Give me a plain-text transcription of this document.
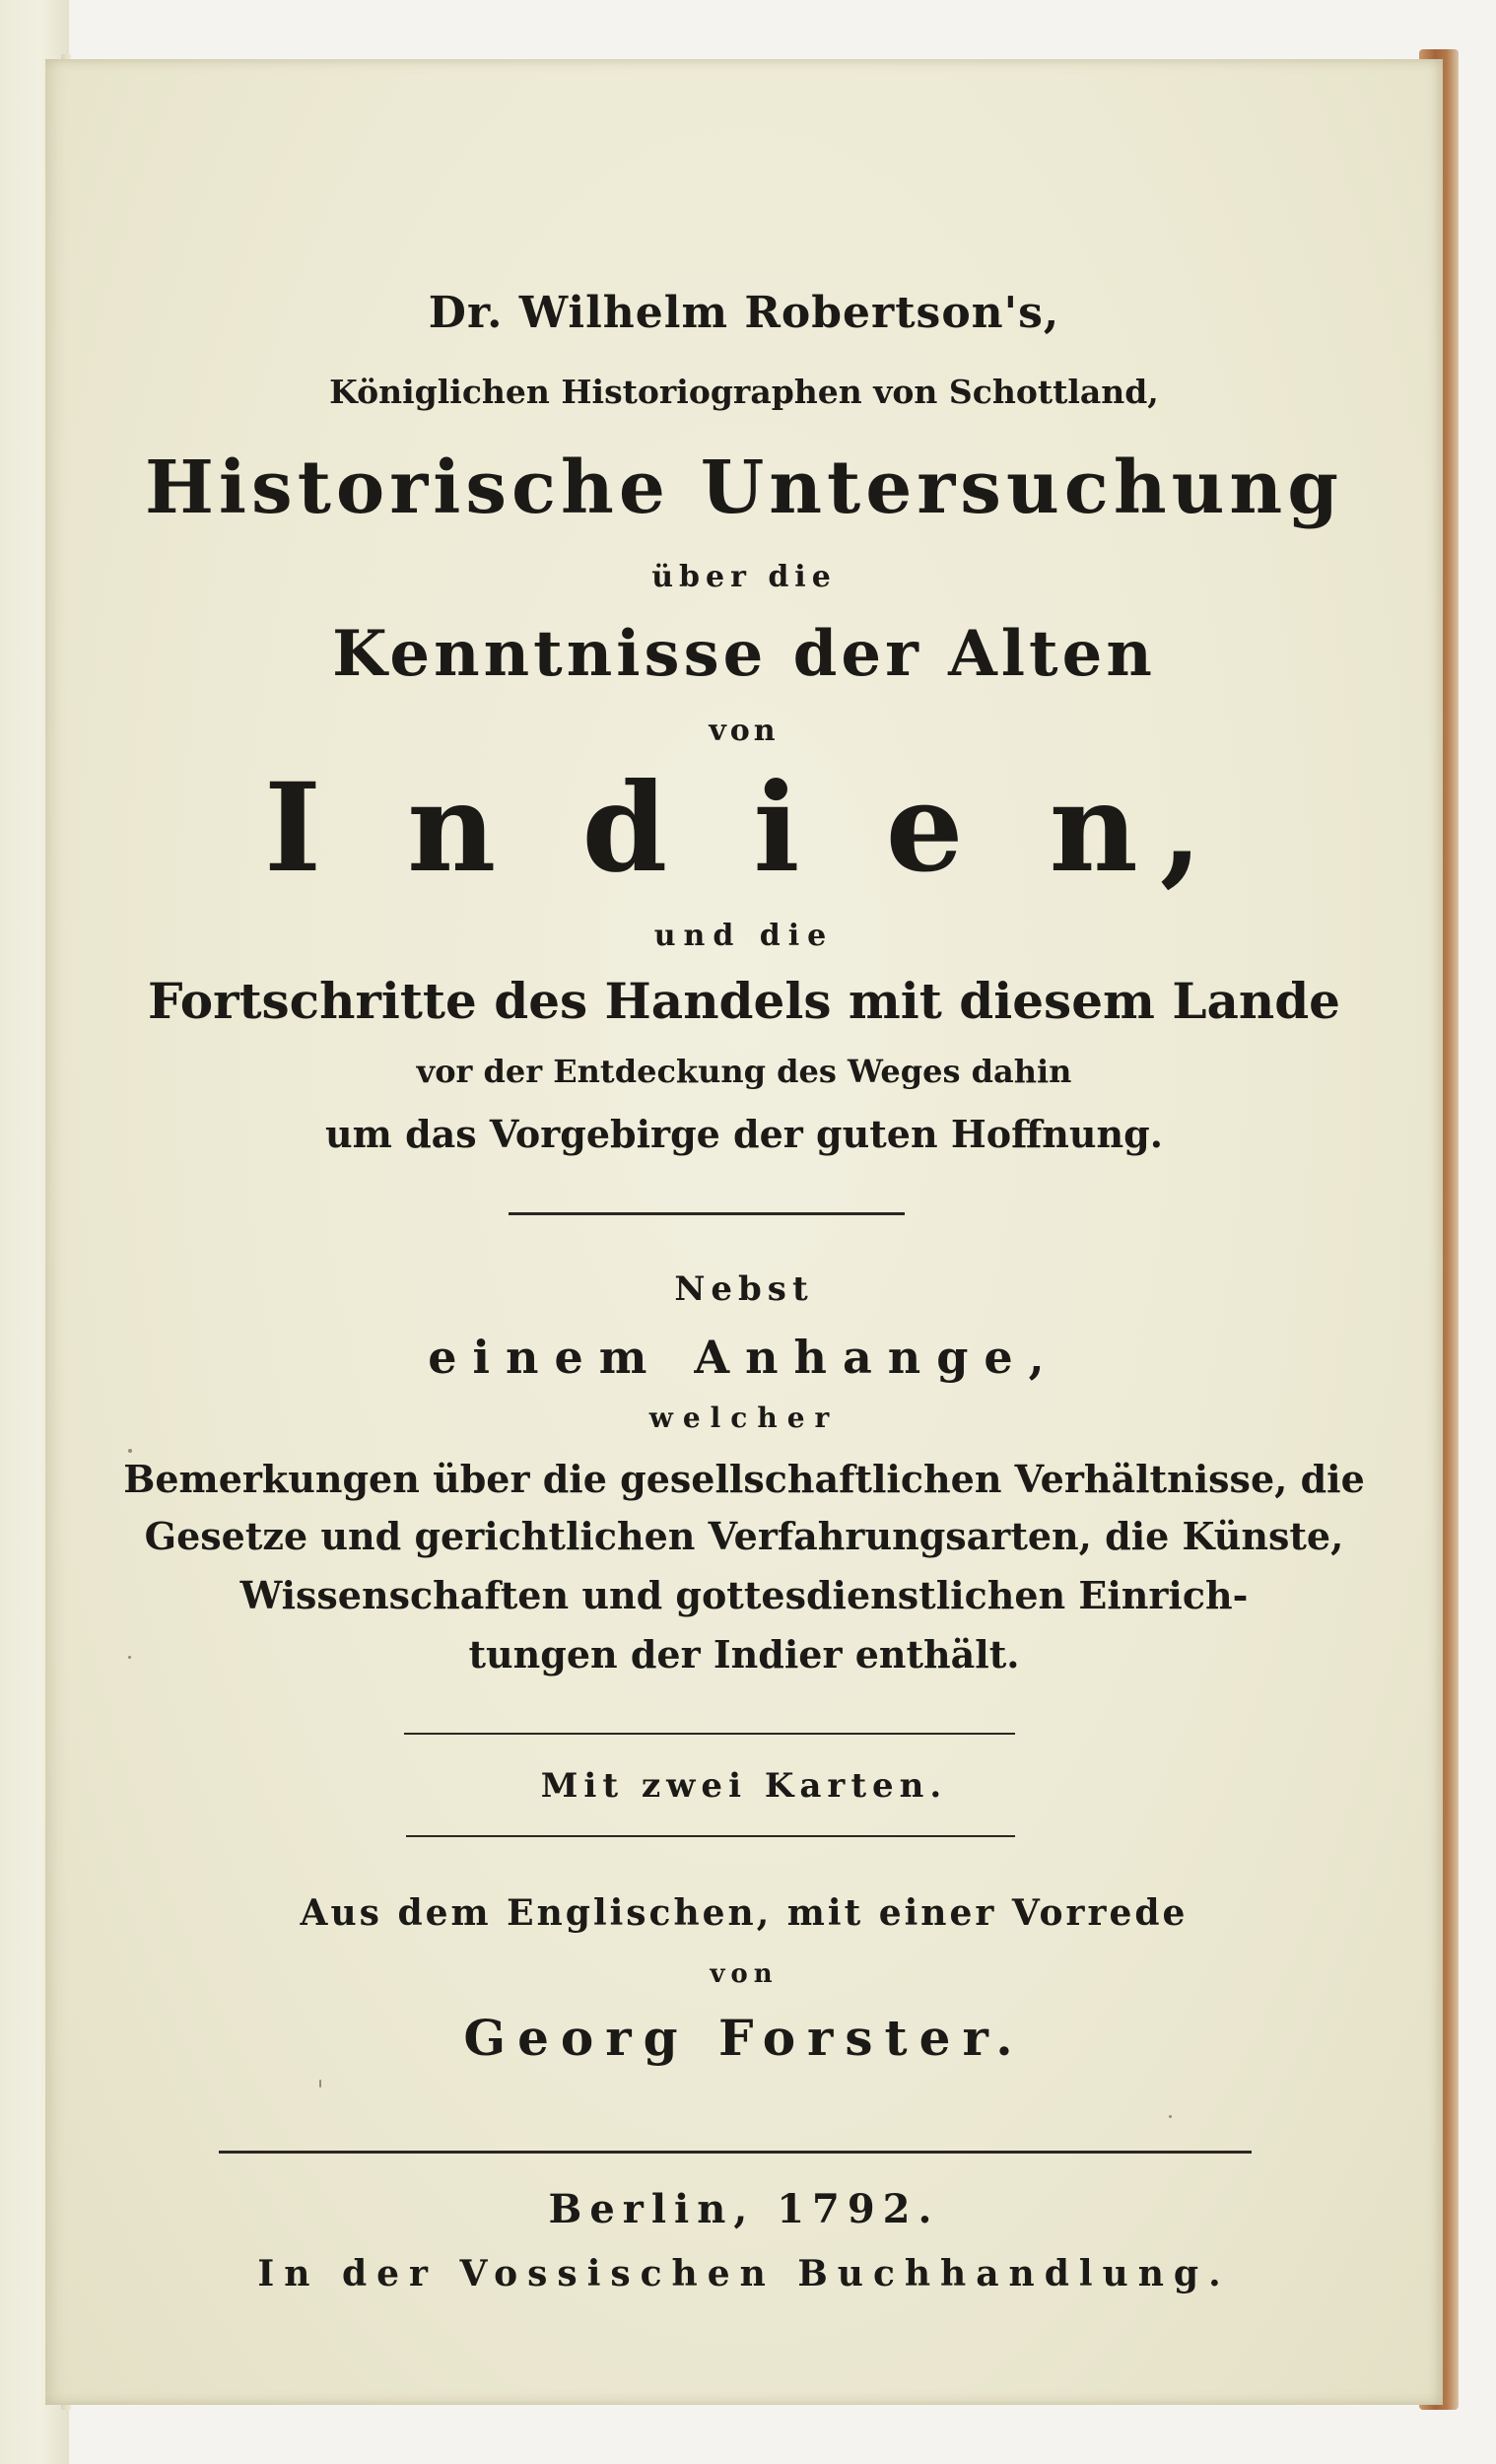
Dr. Wilhelm Robertson's,
Königlichen Historiographen von Schottland,
Historische Untersuchung
über die
Kenntnisse der Alten
von
I n d i e n,
und die
Fortschritte des Handels mit diesem Lande
vor der Entdeckung des Weges dahin
um das Vorgebirge der guten Hoffnung.
Nebst
einem Anhange,
welcher
Bemerkungen über die gesellschaftlichen Verhältnisse, die
Gesetze und gerichtlichen Verfahrungsarten, die Künste,
Wissenschaften und gottesdienstlichen Einrich-
tungen der Indier enthält.
Mit zwei Karten.
Aus dem Englischen, mit einer Vorrede
von
Georg Forster.
Berlin, 1792.
In der Vossischen Buchhandlung.
